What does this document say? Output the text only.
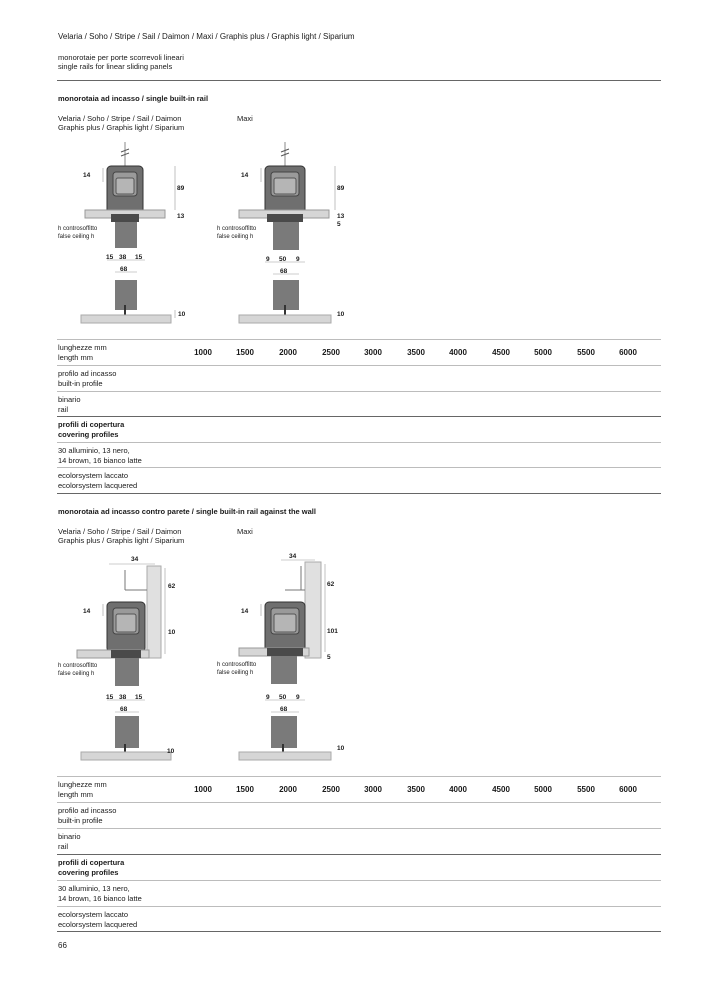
Velaria / Soho / Stripe / Sail / Daimon / Maxi / Graphis plus / Graphis light / Siparium
monorotaie per porte scorrevoli lineari
single rails for linear sliding panels
monorotaia ad incasso / single built-in rail
Velaria / Soho / Stripe / Sail / Daimon
Graphis plus / Graphis light / Siparium
Maxi
14
89
13
h controsoffitto
false ceiling h
15 38 15
68
10
14
89
13
5
h controsoffitto
false ceiling h
9 50 9
68
10
lunghezze mm
length mm	1000	1500	2000	2500	3000	3500	4000	4500	5000	5500	6000
profilo ad incasso
built-in profile
binario
rail
profili di copertura
covering profiles
30 alluminio, 13 nero,
14 brown, 16 bianco latte
ecolorsystem laccato
ecolorsystem lacquered
monorotaia ad incasso contro parete / single built-in rail against the wall
Velaria / Soho / Stripe / Sail / Daimon
Graphis plus / Graphis light / Siparium
Maxi
34
62
14
10
h controsoffitto
false ceiling h
15 38 15
68
10
34
62
14
101
5
h controsoffitto
false ceiling h
9 50 9
68
10
lunghezze mm
length mm	1000	1500	2000	2500	3000	3500	4000	4500	5000	5500	6000
profilo ad incasso
built-in profile
binario
rail
profili di copertura
covering profiles
30 alluminio, 13 nero,
14 brown, 16 bianco latte
ecolorsystem laccato
ecolorsystem lacquered
66
